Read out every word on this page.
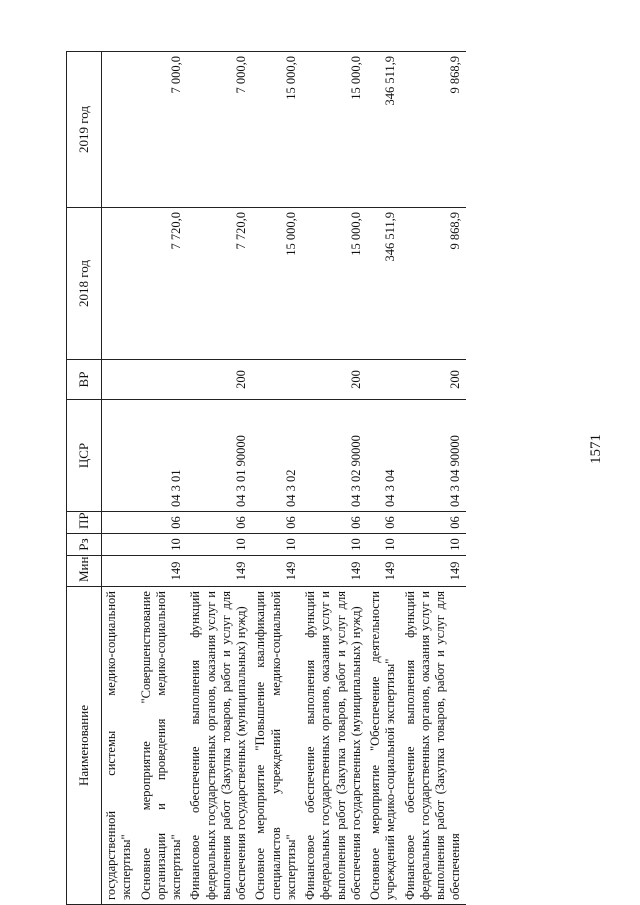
1571
Наименование	Мин	Рз	ПР	ЦСР	ВР	2018 год	2019 год
государственной системы медико-социальной экспертизы"							
Основное мероприятие "Совершенствование организации и проведения медико-социальной экспертизы"	149	10	06	04 3 01		7 720,0	7 000,0
Финансовое обеспечение выполнения функций федеральных государственных органов, оказания услуг и выполнения работ (Закупка товаров, работ и услуг для обеспечения государственных (муниципальных) нужд)	149	10	06	04 3 01 90000	200	7 720,0	7 000,0
Основное мероприятие "Повышение квалификации специалистов учреждений медико-социальной экспертизы"	149	10	06	04 3 02		15 000,0	15 000,0
Финансовое обеспечение выполнения функций федеральных государственных органов, оказания услуг и выполнения работ (Закупка товаров, работ и услуг для обеспечения государственных (муниципальных) нужд)	149	10	06	04 3 02 90000	200	15 000,0	15 000,0
Основное мероприятие "Обеспечение деятельности учреждений медико-социальной экспертизы"	149	10	06	04 3 04		346 511,9	346 511,9
Финансовое обеспечение выполнения функций федеральных государственных органов, оказания услуг и выполнения работ (Закупка товаров, работ и услуг для обеспечения	149	10	06	04 3 04 90000	200	9 868,9	9 868,9
